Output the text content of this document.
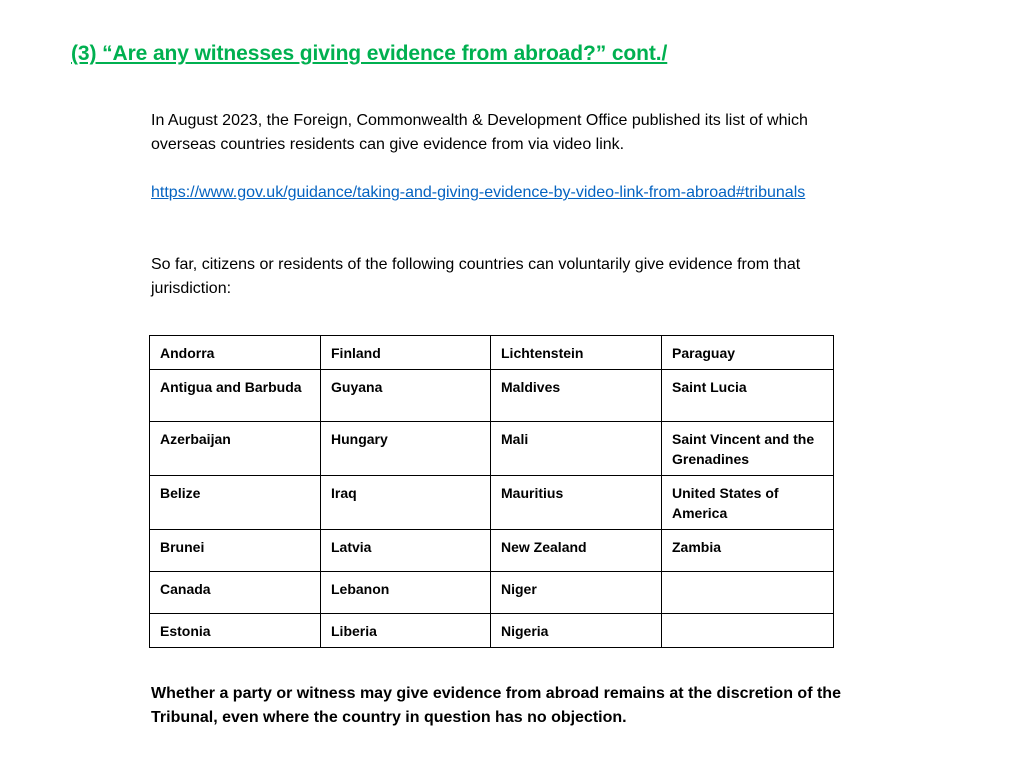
(3) “Are any witnesses giving evidence from abroad?” cont./
In August 2023, the Foreign, Commonwealth & Development Office published its list of which overseas countries residents can give evidence from via video link.
https://www.gov.uk/guidance/taking-and-giving-evidence-by-video-link-from-abroad#tribunals
So far, citizens or residents of the following countries can voluntarily give evidence from that jurisdiction:
Andorra	Finland	Lichtenstein	Paraguay
Antigua and Barbuda	Guyana	Maldives	Saint Lucia
Azerbaijan	Hungary	Mali	Saint Vincent and the Grenadines
Belize	Iraq	Mauritius	United States of America
Brunei	Latvia	New Zealand	Zambia
Canada	Lebanon	Niger	
Estonia	Liberia	Nigeria	
Whether a party or witness may give evidence from abroad remains at the discretion of the Tribunal, even where the country in question has no objection.
